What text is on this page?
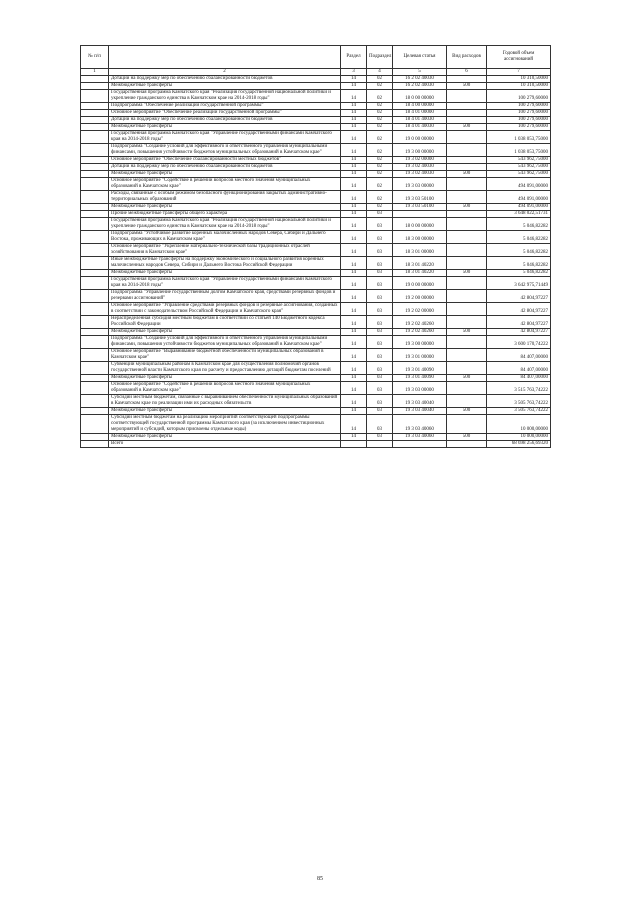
№ п/п		Раздел	Подраздел	Целевая статья	Вид расходов	Годовой объем ассигнований
1	2	3	4	5	6	7
	Дотации на поддержку мер по обеспечению сбалансированности бюджетов	14	02	16 2 02 40030		10 310,50000
	Межбюджетные трансферты	14	02	16 2 02 40030	500	10 310,50000
	Государственная программа Камчатского края "Реализация государственной национальной политики и укрепление гражданского единства в Камчатском крае на 2014-2018 годы"	14	02	18 0 00 00000		100 279,60000
	Подпрограмма "Обеспечение реализации государственной программы"	14	02	18 4 00 00000		100 279,60000
	Основное мероприятие "Обеспечение реализации государственной программы"	14	02	18 4 01 00000		100 279,60000
	Дотации на поддержку мер по обеспечению сбалансированности бюджетов	14	02	18 4 01 40030		100 279,60000
	Межбюджетные трансферты	14	02	18 4 01 40030	500	100 279,60000
	Государственная программа Камчатского края "Управление государственными финансами Камчатского края на 2014-2018 годы"	14	02	19 0 00 00000		1 038 053,75000
	Подпрограмма "Создание условий для эффективного и ответственного управления муниципальными финансами, повышения устойчивости бюджетов муниципальных образований в Камчатском крае"	14	02	19 3 00 00000		1 038 053,75000
	Основное мероприятие "Обеспечение сбалансированности местных бюджетов"	14	02	19 3 02 00000		543 962,75000
	Дотации на поддержку мер по обеспечению сбалансированности бюджетов	14	02	19 3 02 40030		543 962,75000
	Межбюджетные трансферты	14	02	19 3 02 40030	500	543 962,75000
	Основное мероприятие "Содействие в решении вопросов местного значения муниципальных образований в Камчатском крае"	14	02	19 3 03 00000		494 091,00000
	Расходы, связанные с особым режимом безопасного функционирования закрытых административно-территориальных образований	14	02	19 3 03 50100		494 091,00000
	Межбюджетные трансферты	14	02	19 3 03 50100	500	494 091,00000
	Прочие межбюджетные трансферты общего характера	14	03			3 648 022,51731
	Государственная программа Камчатского края "Реализация государственной национальной политики и укрепление гражданского единства в Камчатском крае на 2014-2018 годы"	14	03	18 0 00 00000		5 046,82282
	Подпрограмма "Устойчивое развитие коренных малочисленных народов Севера, Сибири и Дальнего Востока, проживающих в Камчатском крае"	14	03	18 3 00 00000		5 046,82282
	Основное мероприятие "Укрепление материально-технической базы традиционных отраслей хозяйствования в Камчатском крае"	14	03	18 3 01 00000		5 046,82282
	Иные межбюджетные трансферты на поддержку экономического и социального развития коренных малочисленных народов Севера, Сибири и Дальнего Востока Российской Федерации	14	03	18 3 01 40220		5 046,82282
	Межбюджетные трансферты	14	03	18 3 01 40220	500	5 046,82282
	Государственная программа Камчатского края "Управление государственными финансами Камчатского края на 2014-2018 годы"	14	03	19 0 00 00000		3 642 975,71449
	Подпрограмма "Управление государственным долгом Камчатского края, средствами резервных фондов и резервами ассигнований"	14	03	19 2 00 00000		42 804,97227
	Основное мероприятие "Управление средствами резервных фондов и резервные ассигнования, созданных в соответствии с законодательством Российской Федерации и Камчатского края"	14	03	19 2 02 00000		42 804,97227
	Нераспределенная субсидия местным бюджетам в соответствии со статьей 140 Бюджетного кодекса Российской Федерации	14	03	19 2 02 40260		42 804,97227
	Межбюджетные трансферты	14	03	19 2 02 40260	500	42 804,97227
	Подпрограмма "Создание условий для эффективного и ответственного управления муниципальными финансами, повышения устойчивости бюджетов муниципальных образований в Камчатском крае"	14	03	19 3 00 00000		3 600 170,74222
	Основное мероприятие "Выравнивание бюджетной обеспеченности муниципальных образований в Камчатском крае"	14	03	19 3 01 00000		84 407,00000
	Субвенции муниципальным районам в Камчатском крае для осуществления полномочий органов государственной власти Камчатского края по расчету и предоставлению дотаций бюджетам поселений	14	03	19 3 01 40090		84 407,00000
	Межбюджетные трансферты	14	03	19 3 01 40090	500	84 407,00000
	Основное мероприятие "Содействие в решении вопросов местного значения муниципальных образований в Камчатском крае"	14	03	19 3 03 00000		3 515 763,74222
	Субсидии местным бюджетам, связанные с выравниванием обеспеченности муниципальных образований в Камчатском крае по реализации ими их расходных обязательств	14	03	19 3 03 40040		3 505 763,74222
	Межбюджетные трансферты	14	03	19 3 03 40040	500	3 505 763,74222
	Субсидии местным бюджетам на реализацию мероприятий соответствующей подпрограммы соответствующей государственной программы Камчатского края (за исключением инвестиционных мероприятий и субсидий, которым присвоены отдельные коды)	14	03	19 3 03 40060		10 000,00000
	Межбюджетные трансферты	14	03	19 3 03 40060	500	10 000,00000
	Всего					68 698 256,69320
85
